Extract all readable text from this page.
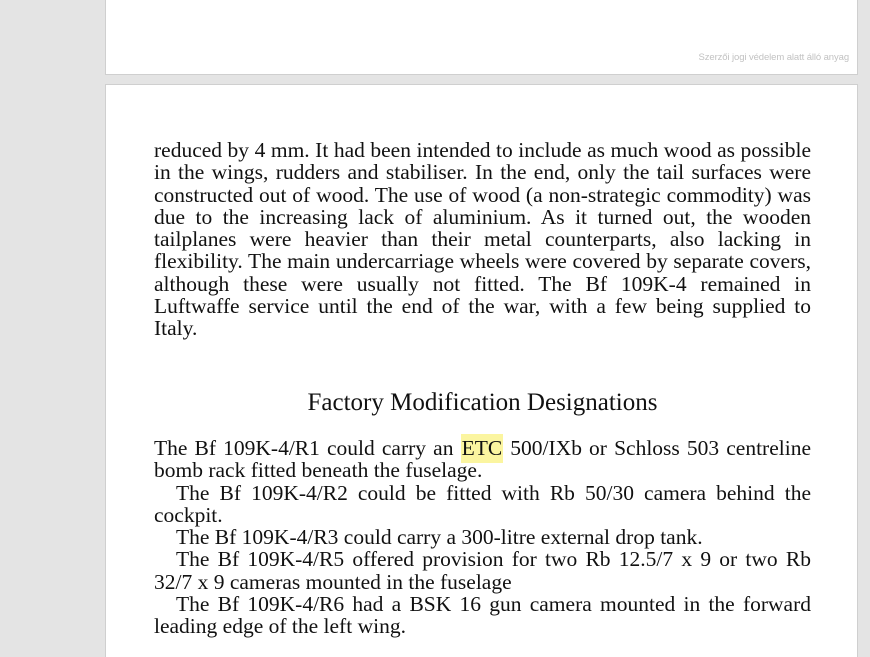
Szerzői jogi védelem alatt álló anyag
reduced by 4 mm. It had been intended to include as much wood as possible in the wings, rudders and stabiliser. In the end, only the tail surfaces were constructed out of wood. The use of wood (a non-strategic commodity) was due to the increasing lack of aluminium. As it turned out, the wooden tailplanes were heavier than their metal counterparts, also lacking in flexibility. The main undercarriage wheels were covered by separate covers, although these were usually not fitted. The Bf 109K-4 remained in Luftwaffe service until the end of the war, with a few being supplied to Italy.
Factory Modification Designations

The Bf 109K-4/R1 could carry an ETC 500/IXb or Schloss 503 centreline bomb rack fitted beneath the fuselage.

The Bf 109K-4/R2 could be fitted with Rb 50/30 camera behind the cockpit.

The Bf 109K-4/R3 could carry a 300-litre external drop tank.

The Bf 109K-4/R5 offered provision for two Rb 12.5/7 x 9 or two Rb 32/7 x 9 cameras mounted in the fuselage

The Bf 109K-4/R6 had a BSK 16 gun camera mounted in the forward leading edge of the left wing.
